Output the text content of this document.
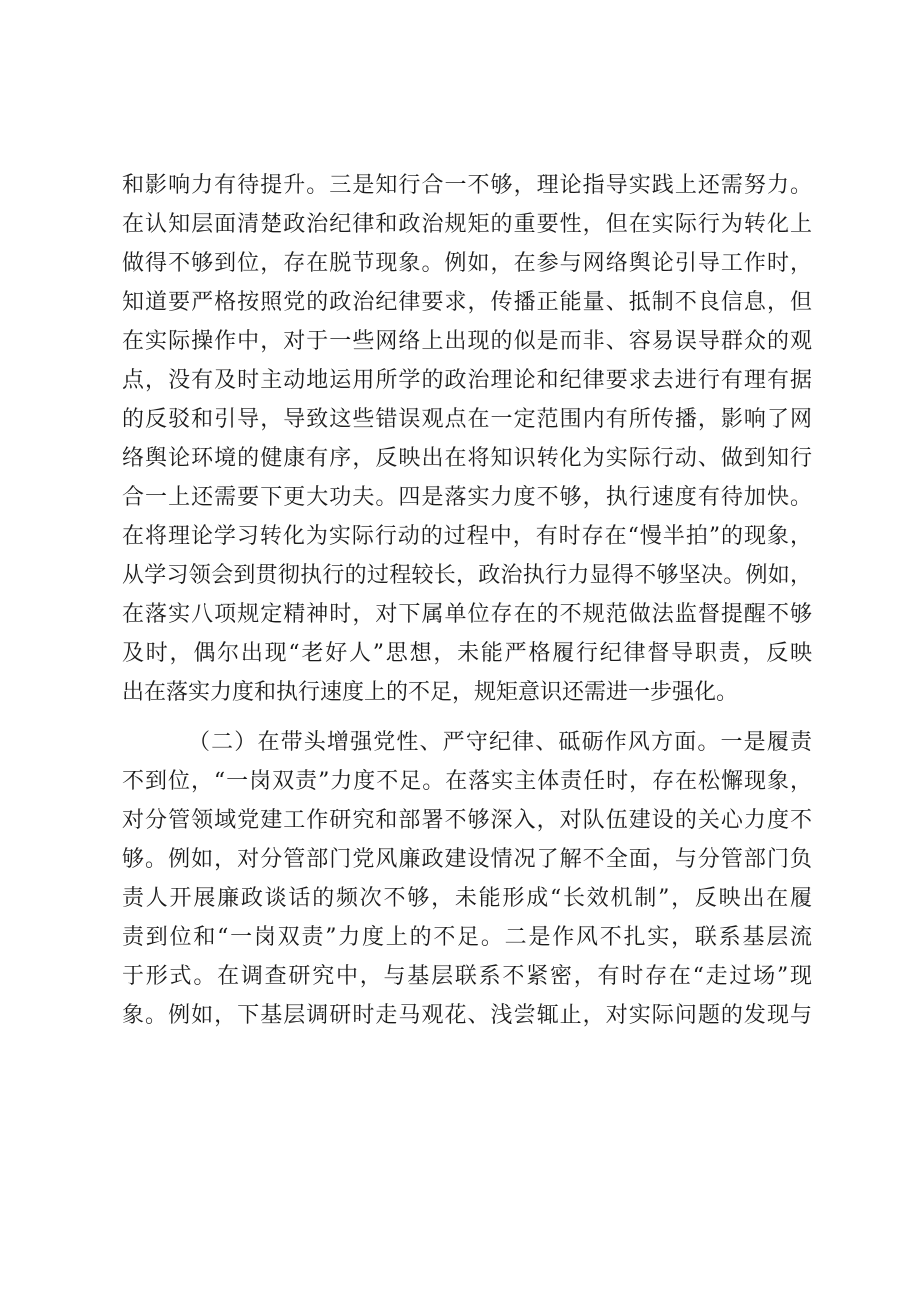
和影响力有待提升。三是知行合一不够，理论指导实践上还需努力。
在认知层面清楚政治纪律和政治规矩的重要性，但在实际行为转化上
做得不够到位，存在脱节现象。例如，在参与网络舆论引导工作时，
知道要严格按照党的政治纪律要求，传播正能量、抵制不良信息，但
在实际操作中，对于一些网络上出现的似是而非、容易误导群众的观
点，没有及时主动地运用所学的政治理论和纪律要求去进行有理有据
的反驳和引导，导致这些错误观点在一定范围内有所传播，影响了网
络舆论环境的健康有序，反映出在将知识转化为实际行动、做到知行
合一上还需要下更大功夫。四是落实力度不够，执行速度有待加快。
在将理论学习转化为实际行动的过程中，有时存在“慢半拍”的现象，
从学习领会到贯彻执行的过程较长，政治执行力显得不够坚决。例如，
在落实八项规定精神时，对下属单位存在的不规范做法监督提醒不够
及时，偶尔出现“老好人”思想，未能严格履行纪律督导职责，反映
出在落实力度和执行速度上的不足，规矩意识还需进一步强化。
（二）在带头增强党性、严守纪律、砥砺作风方面。一是履责
不到位，“一岗双责”力度不足。在落实主体责任时，存在松懈现象，
对分管领域党建工作研究和部署不够深入，对队伍建设的关心力度不
够。例如，对分管部门党风廉政建设情况了解不全面，与分管部门负
责人开展廉政谈话的频次不够，未能形成“长效机制”，反映出在履
责到位和“一岗双责”力度上的不足。二是作风不扎实，联系基层流
于形式。在调查研究中，与基层联系不紧密，有时存在“走过场”现
象。例如，下基层调研时走马观花、浅尝辄止，对实际问题的发现与
